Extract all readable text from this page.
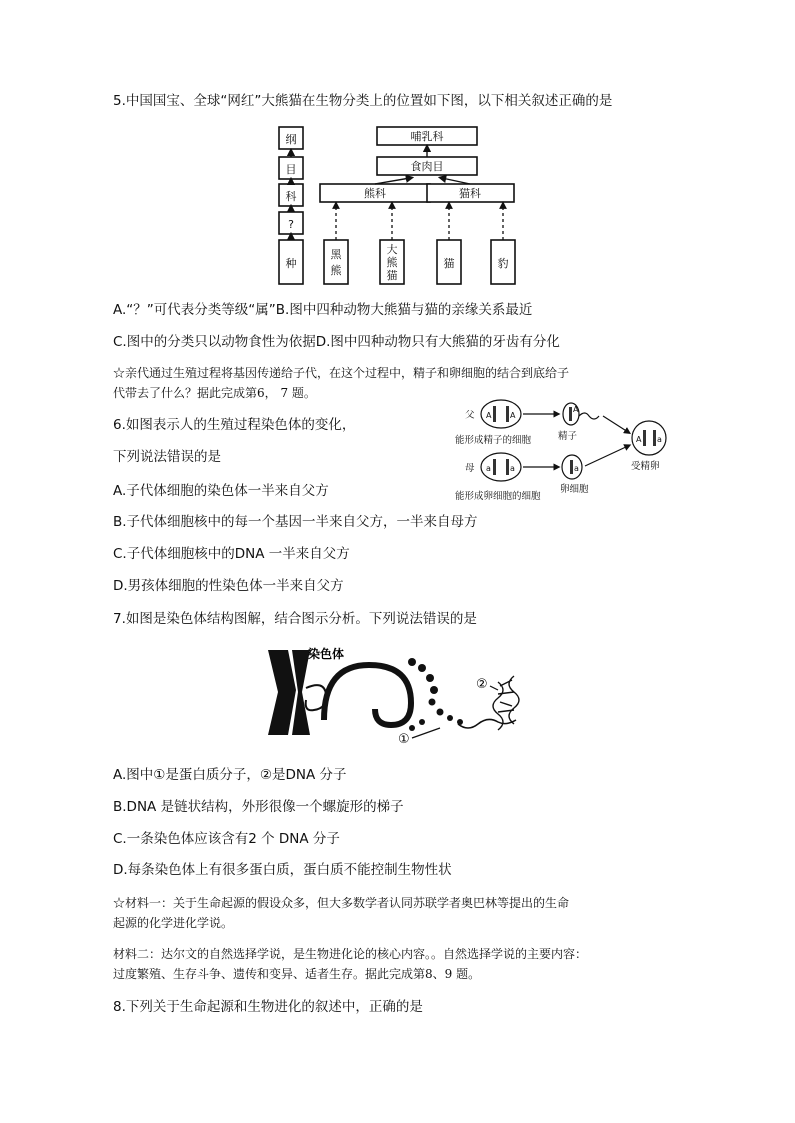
5.中国国宝、全球“网红”大熊猫在生物分类上的位置如下图，以下相关叙述正确的是
纲
目
科
?
种
哺乳科
食肉目
熊科	猫科
黑
熊
大
熊
猫
猫	豹
A.“？”可代表分类等级“属”B.图中四种动物大熊猫与猫的亲缘关系最近
C.图中的分类只以动物食性为依据D.图中四种动物只有大熊猫的牙齿有分化
☆亲代通过生殖过程将基因传递给子代，在这个过程中，精子和卵细胞的结合到底给子
代带去了什么？据此完成第6， 7 题。
6.如图表示人的生殖过程染色体的变化，
下列说法错误的是
父
母
能形成精子的细胞
能形成卵细胞的细胞
精子
卵细胞
受精卵
A A
a a
A
a
A a
A.子代体细胞的染色体一半来自父方
B.子代体细胞核中的每一个基因一半来自父方，一半来自母方
C.子代体细胞核中的DNA 一半来自父方
D.男孩体细胞的性染色体一半来自父方
7.如图是染色体结构图解，结合图示分析。下列说法错误的是
染色体
①
②
A.图中①是蛋白质分子，②是DNA 分子
B.DNA 是链状结构，外形很像一个螺旋形的梯子
C.一条染色体应该含有2 个 DNA 分子
D.每条染色体上有很多蛋白质，蛋白质不能控制生物性状
☆材料一：关于生命起源的假设众多，但大多数学者认同苏联学者奥巴林等提出的生命
起源的化学进化学说。
材料二：达尔文的自然选择学说，是生物进化论的核心内容。。自然选择学说的主要内容：
过度繁殖、生存斗争、遗传和变异、适者生存。据此完成第8、9 题。
8.下列关于生命起源和生物进化的叙述中，正确的是
